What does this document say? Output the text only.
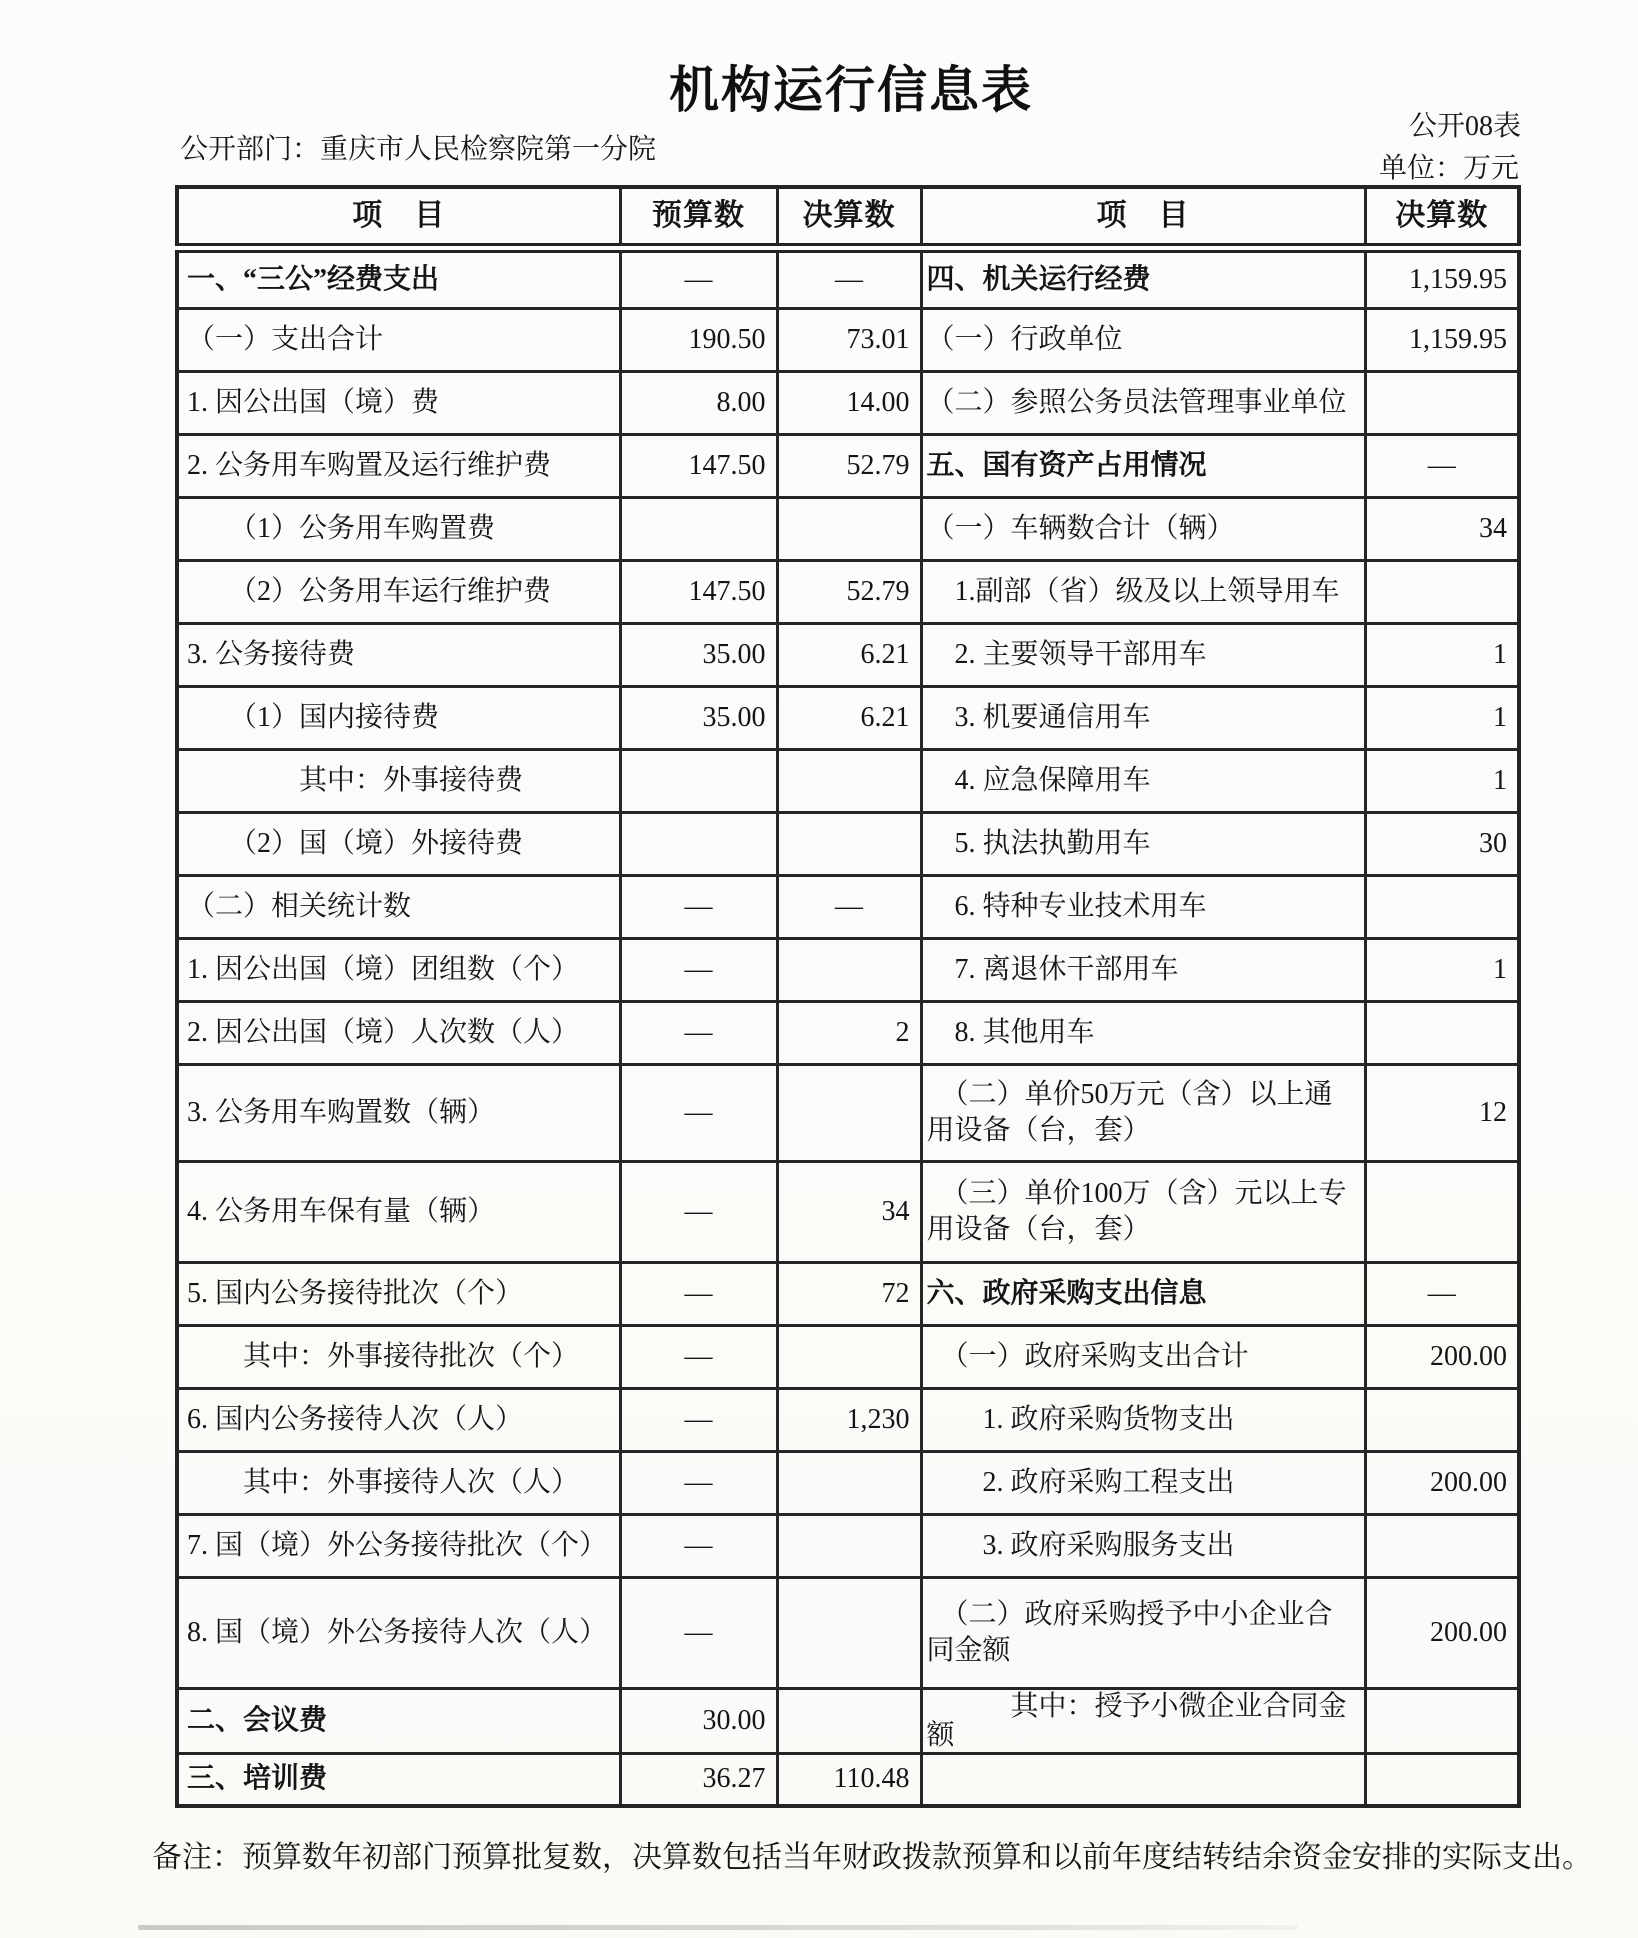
机构运行信息表
公开08表
公开部门：重庆市人民检察院第一分院
单位：万元
项　目	预算数	决算数	项　目	决算数
一、“三公”经费支出	—	—	四、机关运行经费	1,159.95
（一）支出合计	190.50	73.01	（一）行政单位	1,159.95
1. 因公出国（境）费	8.00	14.00	（二）参照公务员法管理事业单位	
2. 公务用车购置及运行维护费	147.50	52.79	五、国有资产占用情况	—
　　（1）公务用车购置费			（一）车辆数合计（辆）	34
　　（2）公务用车运行维护费	147.50	52.79	　1.副部（省）级及以上领导用车	
3. 公务接待费	35.00	6.21	　2. 主要领导干部用车	1
　　（1）国内接待费	35.00	6.21	　3. 机要通信用车	1
　　　　其中：外事接待费			　4. 应急保障用车	1
　　（2）国（境）外接待费			　5. 执法执勤用车	30
（二）相关统计数	—	—	　6. 特种专业技术用车	
1. 因公出国（境）团组数（个）	—		　7. 离退休干部用车	1
2. 因公出国（境）人次数（人）	—	2	　8. 其他用车	
3. 公务用车购置数（辆）	—		　（二）单价50万元（含）以上通用设备（台，套）	12
4. 公务用车保有量（辆）	—	34	　（三）单价100万（含）元以上专用设备（台，套）	
5. 国内公务接待批次（个）	—	72	六、政府采购支出信息	—
　　其中：外事接待批次（个）	—		　（一）政府采购支出合计	200.00
6. 国内公务接待人次（人）	—	1,230	　　1. 政府采购货物支出	
　　其中：外事接待人次（人）	—		　　2. 政府采购工程支出	200.00
7. 国（境）外公务接待批次（个）	—		　　3. 政府采购服务支出	
8. 国（境）外公务接待人次（人）	—		　（二）政府采购授予中小企业合同金额	200.00
二、会议费	30.00		　　　其中：授予小微企业合同金额	
三、培训费	36.27	110.48		
备注：预算数年初部门预算批复数，决算数包括当年财政拨款预算和以前年度结转结余资金安排的实际支出。
